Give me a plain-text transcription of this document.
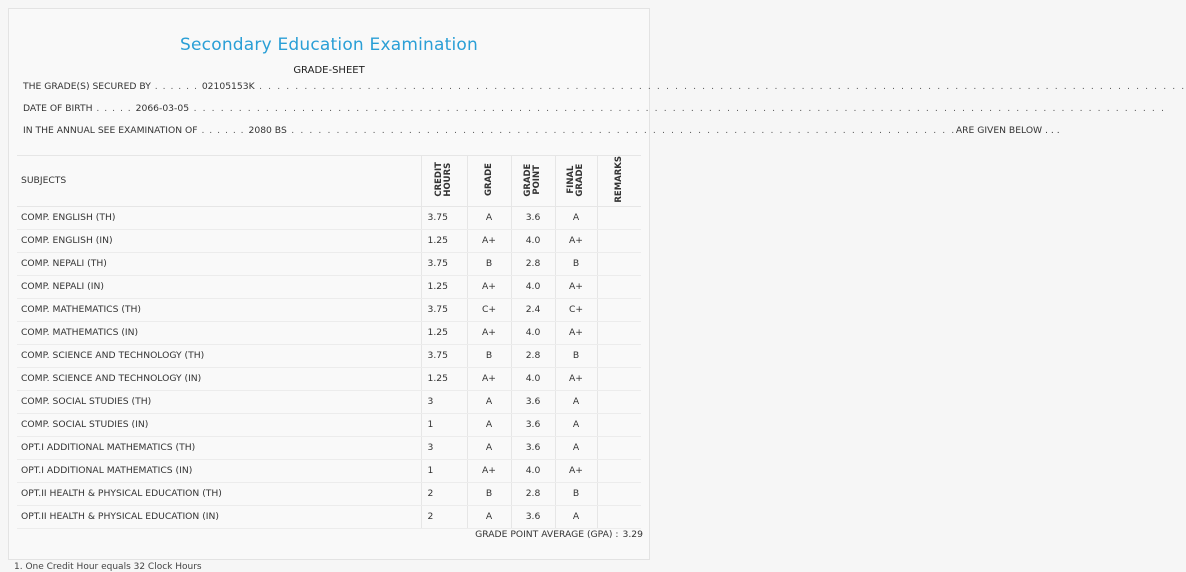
Secondary Education Examination
GRADE-SHEET
THE GRADE(S) SECURED BY . . . . . . 02105153K . . . . . . . . . . . . . . . . . . . . . . . . . . . . . . . . . . . . . . . . . . . . . . . . . . . . . . . . . . . . . . . . . . . . . . . . . . . . . . . . . . . . . . . . . . . . . . . . . . . . . . .
DATE OF BIRTH . . . . . 2066-03-05 . . . . . . . . . . . . . . . . . . . . . . . . . . . . . . . . . . . . . . . . . . . . . . . . . . . . . . . . . . . . . . . . . . . . . . . . . . . . . . . . . . . . . . . . . . . . . . . . . . . . . . . . . . . .
IN THE ANNUAL SEE EXAMINATION OF . . . . . . 2080 BS . . . . . . . . . . . . . . . . . . . . . . . . . . . . . . . . . . . . . . . . . . . . . . . . . . . . . . . . . . . . . . . . . . . . . . . . . . ARE GIVEN BELOW . . .
SUBJECTS	CREDIT HOURS	GRADE	GRADE POINT	FINAL GRADE	REMARKS
COMP. ENGLISH (TH)	3.75	A	3.6	A	
COMP. ENGLISH (IN)	1.25	A+	4.0	A+	
COMP. NEPALI (TH)	3.75	B	2.8	B	
COMP. NEPALI (IN)	1.25	A+	4.0	A+	
COMP. MATHEMATICS (TH)	3.75	C+	2.4	C+	
COMP. MATHEMATICS (IN)	1.25	A+	4.0	A+	
COMP. SCIENCE AND TECHNOLOGY (TH)	3.75	B	2.8	B	
COMP. SCIENCE AND TECHNOLOGY (IN)	1.25	A+	4.0	A+	
COMP. SOCIAL STUDIES (TH)	3	A	3.6	A	
COMP. SOCIAL STUDIES (IN)	1	A	3.6	A	
OPT.I ADDITIONAL MATHEMATICS (TH)	3	A	3.6	A	
OPT.I ADDITIONAL MATHEMATICS (IN)	1	A+	4.0	A+	
OPT.II HEALTH & PHYSICAL EDUCATION (TH)	2	B	2.8	B	
OPT.II HEALTH & PHYSICAL EDUCATION (IN)	2	A	3.6	A	
GRADE POINT AVERAGE (GPA) : 3.29
1. One Credit Hour equals 32 Clock Hours
